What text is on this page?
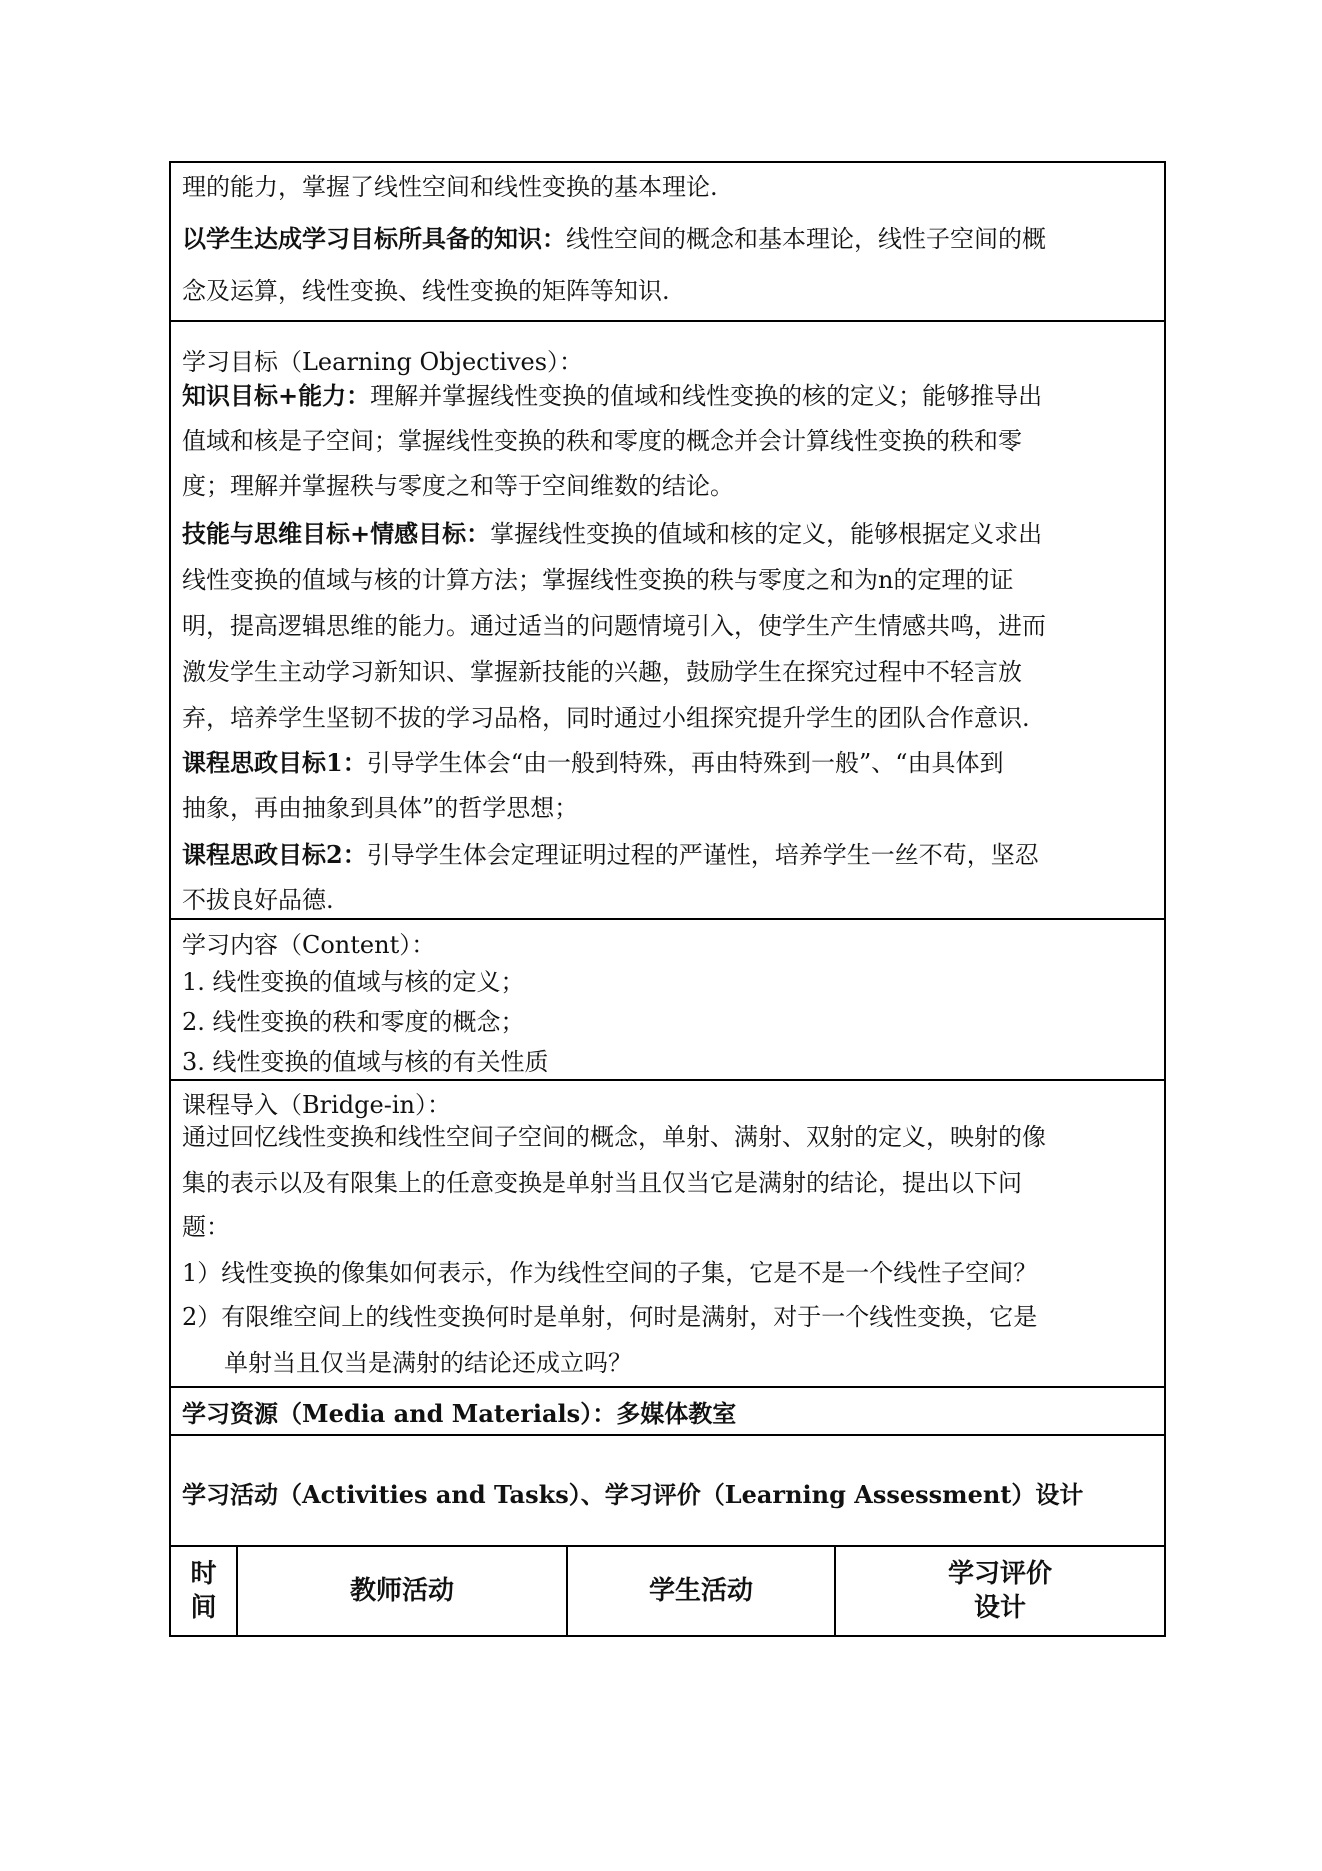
理的能力，掌握了线性空间和线性变换的基本理论.
以学生达成学习目标所具备的知识：线性空间的概念和基本理论，线性子空间的概
念及运算，线性变换、线性变换的矩阵等知识.
学习目标（Learning Objectives）：
知识目标+能力：理解并掌握线性变换的值域和线性变换的核的定义；能够推导出
值域和核是子空间；掌握线性变换的秩和零度的概念并会计算线性变换的秩和零
度；理解并掌握秩与零度之和等于空间维数的结论。
技能与思维目标+情感目标：掌握线性变换的值域和核的定义，能够根据定义求出
线性变换的值域与核的计算方法；掌握线性变换的秩与零度之和为n的定理的证
明，提高逻辑思维的能力。通过适当的问题情境引入，使学生产生情感共鸣，进而
激发学生主动学习新知识、掌握新技能的兴趣，鼓励学生在探究过程中不轻言放
弃，培养学生坚韧不拔的学习品格，同时通过小组探究提升学生的团队合作意识.
课程思政目标1：引导学生体会“由一般到特殊，再由特殊到一般”、“由具体到
抽象，再由抽象到具体”的哲学思想；
课程思政目标2：引导学生体会定理证明过程的严谨性，培养学生一丝不苟，坚忍
不拔良好品德.
学习内容（Content）：
1. 线性变换的值域与核的定义；
2. 线性变换的秩和零度的概念；
3. 线性变换的值域与核的有关性质
课程导入（Bridge-in）：
通过回忆线性变换和线性空间子空间的概念，单射、满射、双射的定义，映射的像
集的表示以及有限集上的任意变换是单射当且仅当它是满射的结论，提出以下问
题：
1）线性变换的像集如何表示，作为线性空间的子集，它是不是一个线性子空间？
2）有限维空间上的线性变换何时是单射，何时是满射，对于一个线性变换，它是
单射当且仅当是满射的结论还成立吗？
学习资源（Media and Materials）：多媒体教室
学习活动（Activities and Tasks）、学习评价（Learning Assessment）设计
时
间
教师活动	学生活动
学习评价
设计
